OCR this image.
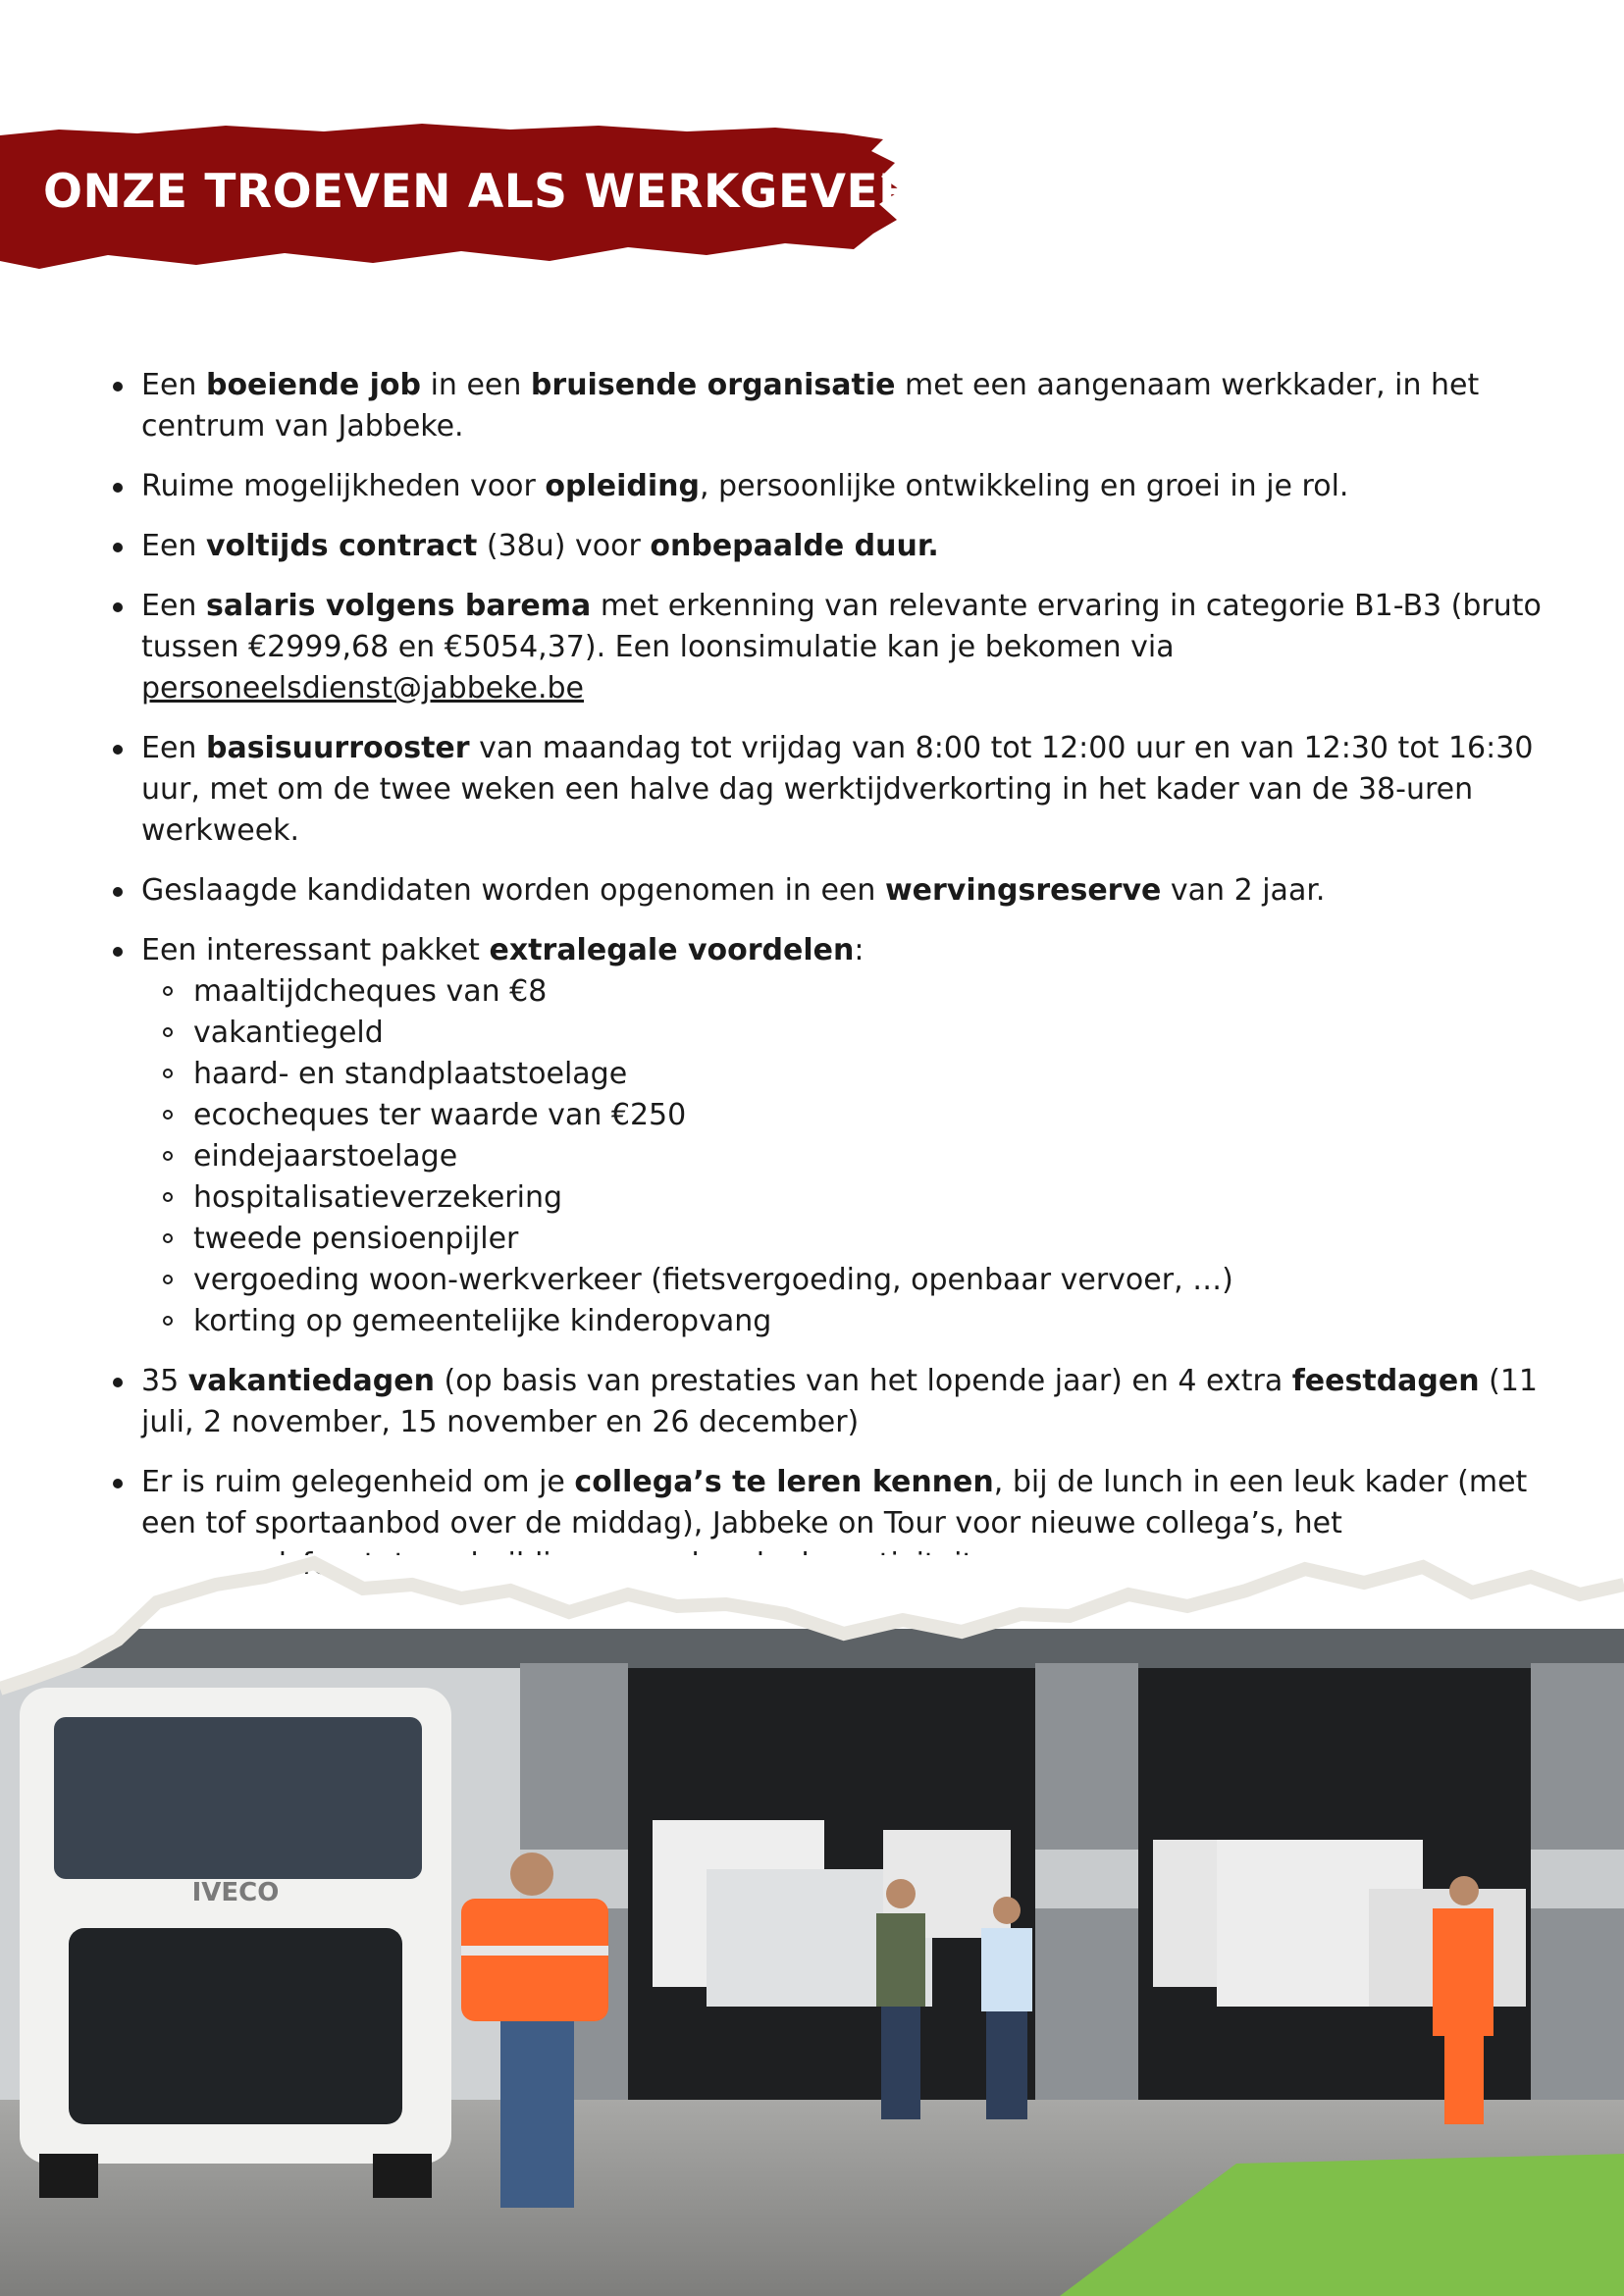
ONZE TROEVEN ALS WERKGEVER
Een boeiende job in een bruisende organisatie met een aangenaam werkkader, in het centrum van Jabbeke.
Ruime mogelijkheden voor opleiding, persoonlijke ontwikkeling en groei in je rol.
Een voltijds contract (38u) voor onbepaalde duur.
Een salaris volgens barema met erkenning van relevante ervaring in categorie B1-B3 (bruto tussen €2999,68 en €5054,37). Een loonsimulatie kan je bekomen via personeelsdienst@jabbeke.be
Een basisuurrooster van maandag tot vrijdag van 8:00 tot 12:00 uur en van 12:30 tot 16:30 uur, met om de twee weken een halve dag werktijdverkorting in het kader van de 38-uren werkweek.
Geslaagde kandidaten worden opgenomen in een wervingsreserve van 2 jaar.
Een interessant pakket extralegale voordelen:
maaltijdcheques van €8
vakantiegeld
haard- en standplaatstoelage
ecocheques ter waarde van €250
eindejaarstoelage
hospitalisatieverzekering
tweede pensioenpijler
vergoeding woon-werkverkeer (fietsvergoeding, openbaar vervoer, …)
korting op gemeentelijke kinderopvang
35 vakantiedagen (op basis van prestaties van het lopende jaar) en 4 extra feestdagen (11 juli, 2 november, 15 november en 26 december)
Er is ruim gelegenheid om je collega’s te leren kennen, bij de lunch in een leuk kader (met een tof sportaanbod over de middag), Jabbeke on Tour voor nieuwe collega’s, het
IVECO
